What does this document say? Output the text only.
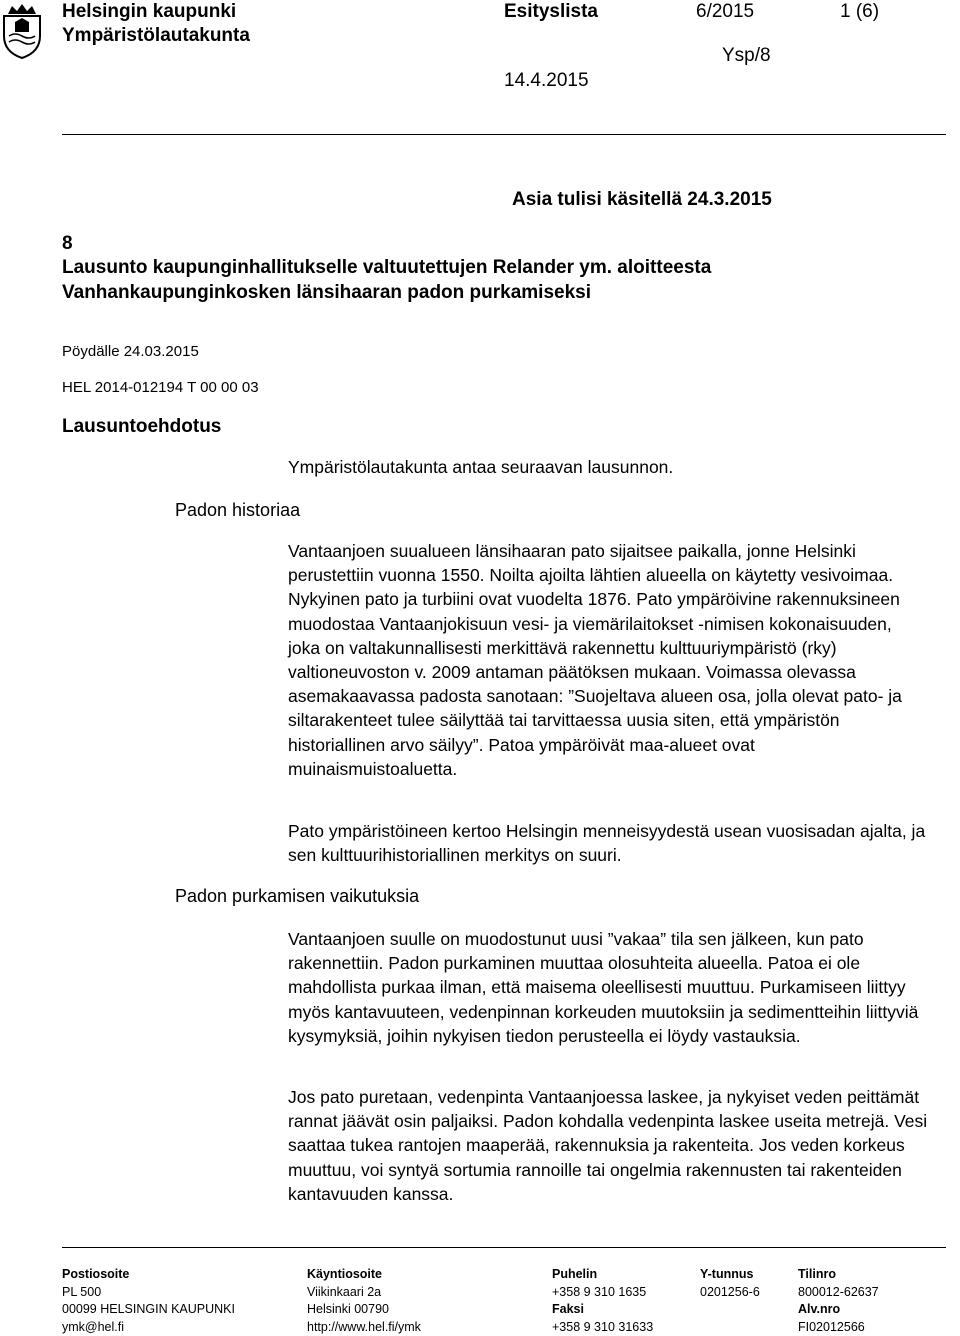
Helsingin kaupunki
Ympäristölautakunta
Esityslista	6/2015	1 (6)
Ysp/8
14.4.2015
Asia tulisi käsitellä 24.3.2015
8
Lausunto kaupunginhallitukselle valtuutettujen Relander ym. aloitteesta Vanhankaupunginkosken länsihaaran padon purkamiseksi
Pöydälle 24.03.2015
HEL 2014-012194 T 00 00 03
Lausuntoehdotus
Padon historiaa
Padon purkamisen vaikutuksia

Ympäristölautakunta antaa seuraavan lausunnon.

Vantaanjoen suualueen länsihaaran pato sijaitsee paikalla, jonne Helsinki perustettiin vuonna 1550. Noilta ajoilta lähtien alueella on käytetty vesivoimaa. Nykyinen pato ja turbiini ovat vuodelta 1876. Pato ympäröivine rakennuksineen muodostaa Vantaanjokisuun vesi- ja viemärilaitokset -nimisen kokonaisuuden, joka on valtakunnallisesti merkittävä rakennettu kulttuuriympäristö (rky) valtioneuvoston v. 2009 antaman päätöksen mukaan. Voimassa olevassa asemakaavassa padosta sanotaan: ”Suojeltava alueen osa, jolla olevat pato- ja siltarakenteet tulee säilyttää tai tarvittaessa uusia siten, että ympäristön historiallinen arvo säilyy”. Patoa ympäröivät maa-alueet ovat muinaismuistoaluetta.

Pato ympäristöineen kertoo Helsingin menneisyydestä usean vuosisadan ajalta, ja sen kulttuurihistoriallinen merkitys on suuri.

Vantaanjoen suulle on muodostunut uusi ”vakaa” tila sen jälkeen, kun pato rakennettiin. Padon purkaminen muuttaa olosuhteita alueella. Patoa ei ole mahdollista purkaa ilman, että maisema oleellisesti muuttuu. Purkamiseen liittyy myös kantavuuteen, vedenpinnan korkeuden muutoksiin ja sedimentteihin liittyviä kysymyksiä, joihin nykyisen tiedon perusteella ei löydy vastauksia.

Jos pato puretaan, vedenpinta Vantaanjoessa laskee, ja nykyiset veden peittämät rannat jäävät osin paljaiksi. Padon kohdalla vedenpinta laskee useita metrejä. Vesi saattaa tukea rantojen maaperää, rakennuksia ja rakenteita. Jos veden korkeus muuttuu, voi syntyä sortumia rannoille tai ongelmia rakennusten tai rakenteiden kantavuuden kanssa.

Postiosoite
PL 500
00099 HELSINGIN KAUPUNKI
ymk@hel.fi
Käyntiosoite
Viikinkaari 2a
Helsinki 00790
http://www.hel.fi/ymk
Puhelin
+358 9 310 1635
Faksi
+358 9 310 31633
Y-tunnus
0201256-6
Tilinro
800012-62637
Alv.nro
FI02012566
